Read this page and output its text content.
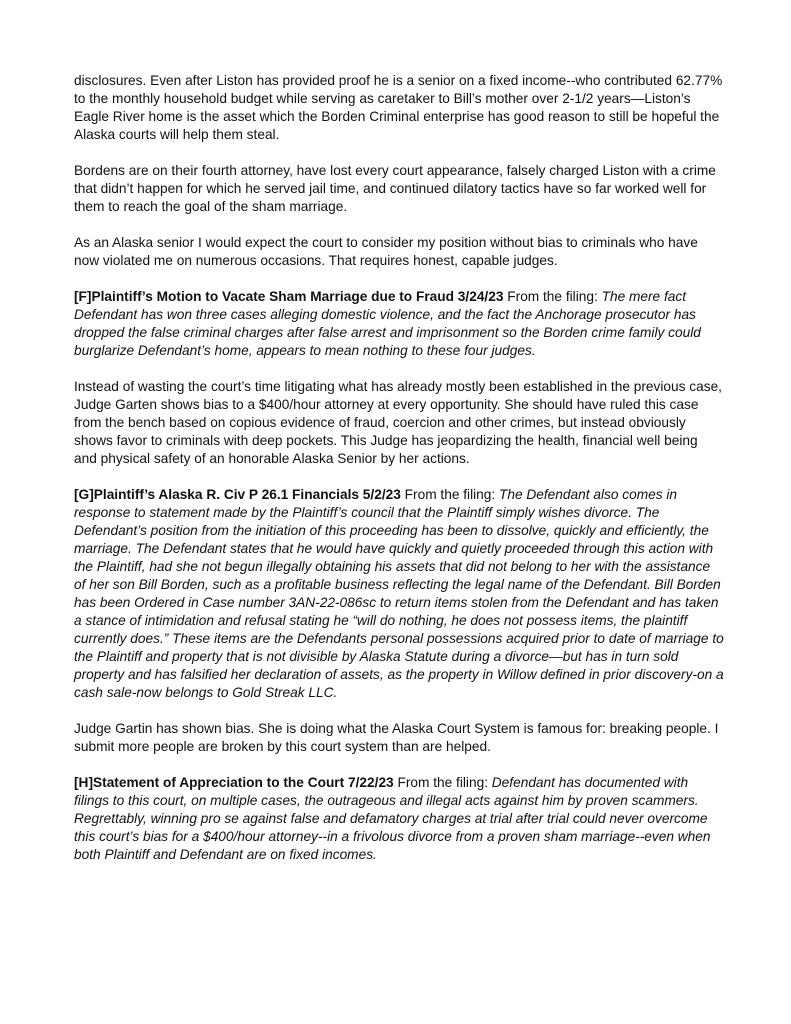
disclosures. Even after Liston has provided proof he is a senior on a fixed income--who contributed 62.77% to the monthly household budget while serving as caretaker to Bill’s mother over 2-1/2 years—Liston’s Eagle River home is the asset which the Borden Criminal enterprise has good reason to still be hopeful the Alaska courts will help them steal.

Bordens are on their fourth attorney, have lost every court appearance, falsely charged Liston with a crime that didn’t happen for which he served jail time, and continued dilatory tactics have so far worked well for them to reach the goal of the sham marriage.

As an Alaska senior I would expect the court to consider my position without bias to criminals who have now violated me on numerous occasions. That requires honest, capable judges.

[F]Plaintiff’s Motion to Vacate Sham Marriage due to Fraud 3/24/23 From the filing: The mere fact Defendant has won three cases alleging domestic violence, and the fact the Anchorage prosecutor has dropped the false criminal charges after false arrest and imprisonment so the Borden crime family could burglarize Defendant’s home, appears to mean nothing to these four judges.

Instead of wasting the court’s time litigating what has already mostly been established in the previous case, Judge Garten shows bias to a $400/hour attorney at every opportunity. She should have ruled this case from the bench based on copious evidence of fraud, coercion and other crimes, but instead obviously shows favor to criminals with deep pockets. This Judge has jeopardizing the health, financial well being and physical safety of an honorable Alaska Senior by her actions.

[G]Plaintiff’s Alaska R. Civ P 26.1 Financials 5/2/23 From the filing: The Defendant also comes in response to statement made by the Plaintiff’s council that the Plaintiff simply wishes divorce. The Defendant’s position from the initiation of this proceeding has been to dissolve, quickly and efficiently, the marriage. The Defendant states that he would have quickly and quietly proceeded through this action with the Plaintiff, had she not begun illegally obtaining his assets that did not belong to her with the assistance of her son Bill Borden, such as a profitable business reflecting the legal name of the Defendant. Bill Borden has been Ordered in Case number 3AN-22-086sc to return items stolen from the Defendant and has taken a stance of intimidation and refusal stating he “will do nothing, he does not possess items, the plaintiff currently does.” These items are the Defendants personal possessions acquired prior to date of marriage to the Plaintiff and property that is not divisible by Alaska Statute during a divorce—but has in turn sold property and has falsified her declaration of assets, as the property in Willow defined in prior discovery-on a cash sale-now belongs to Gold Streak LLC.

Judge Gartin has shown bias. She is doing what the Alaska Court System is famous for: breaking people. I submit more people are broken by this court system than are helped.

[H]Statement of Appreciation to the Court 7/22/23 From the filing: Defendant has documented with filings to this court, on multiple cases, the outrageous and illegal acts against him by proven scammers. Regrettably, winning pro se against false and defamatory charges at trial after trial could never overcome this court’s bias for a $400/hour attorney--in a frivolous divorce from a proven sham marriage--even when both Plaintiff and Defendant are on fixed incomes.
